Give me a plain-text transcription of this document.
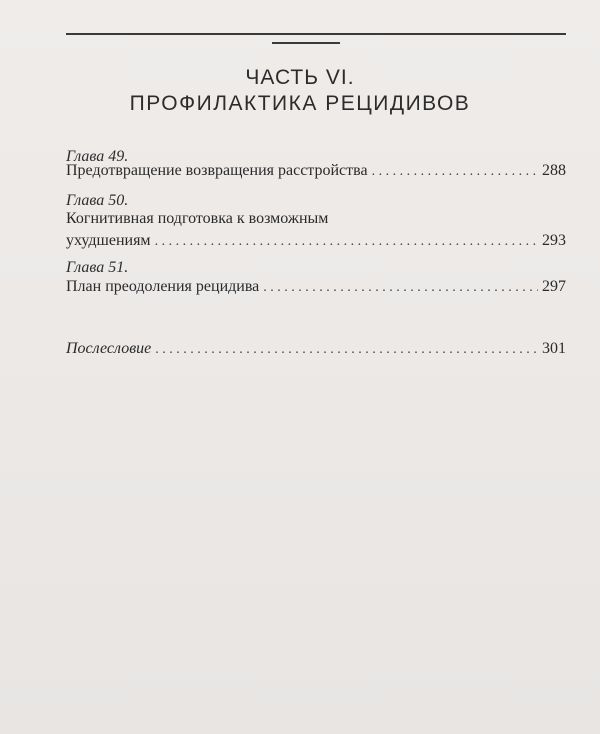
ЧАСТЬ VI.
ПРОФИЛАКТИКА РЕЦИДИВОВ
Глава 49.
Предотвращение возвращения расстройства . . .	288
Глава 50.
Когнитивная подготовка к возможным
ухудшениям . . .	293
Глава 51.
План преодоления рецидива . . .	297
Послесловие . . .	301
